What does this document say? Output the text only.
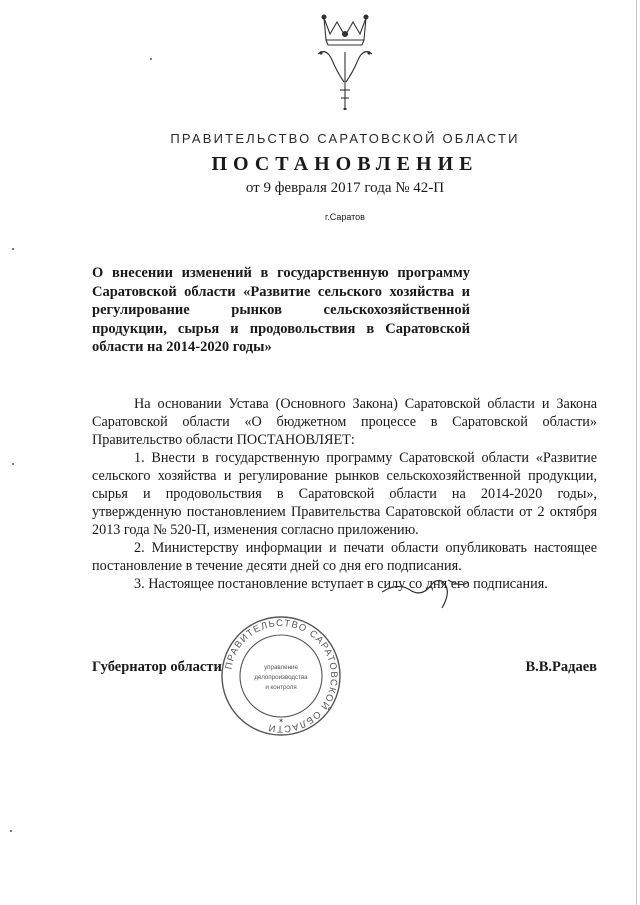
ПРАВИТЕЛЬСТВО САРАТОВСКОЙ ОБЛАСТИ
ПОСТАНОВЛЕНИЕ
от 9 февраля 2017 года № 42-П
г.Саратов
О внесении изменений в государственную программу Саратовской области «Развитие сельского хозяйства и регулирование рынков сельскохозяйственной продукции, сырья и продовольствия в Саратовской области на 2014-2020 годы»

На основании Устава (Основного Закона) Саратовской области и Закона Саратовской области «О бюджетном процессе в Саратовской области» Правительство области ПОСТАНОВЛЯЕТ:

1. Внести в государственную программу Саратовской области «Развитие сельского хозяйства и регулирование рынков сельскохозяйственной продукции, сырья и продовольствия в Саратовской области на 2014-2020 годы», утвержденную постановлением Правительства Саратовской области от 2 октября 2013 года № 520-П, изменения согласно приложению.

2. Министерству информации и печати области опубликовать настоящее постановление в течение десяти дней со дня его подписания.

3. Настоящее постановление вступает в силу со дня его подписания.

Губернатор области	В.В.Радаев
ПРАВИТЕЛЬСТВО САРАТОВСКОЙ ОБЛАСТИ
управление
делопроизводства
и контроля
✶
